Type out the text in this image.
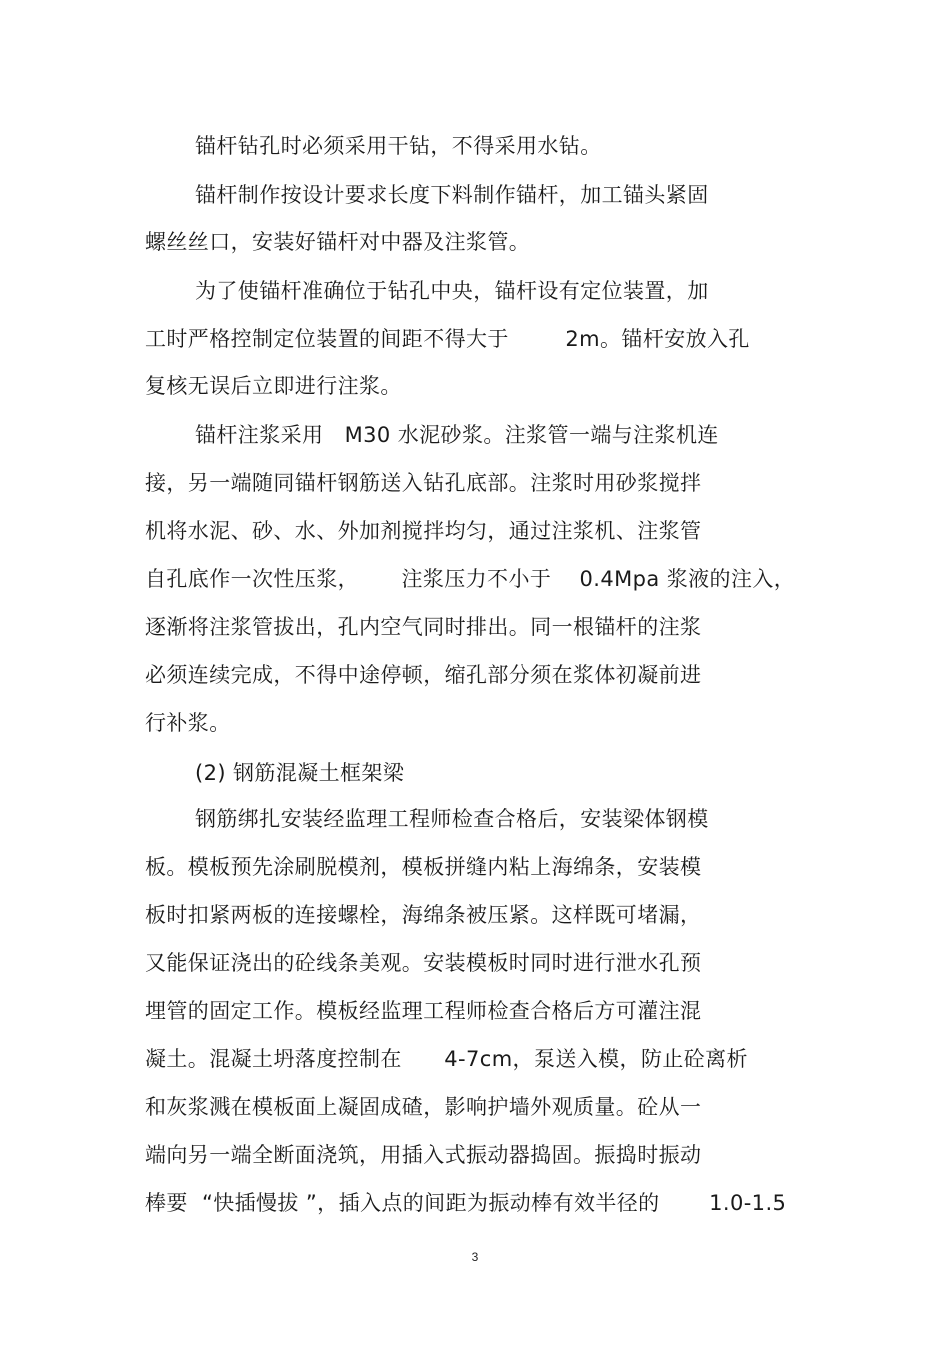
锚杆钻孔时必须采用干钻，不得采用水钻。
锚杆制作按设计要求长度下料制作锚杆，加工锚头紧固
螺丝丝口，安装好锚杆对中器及注浆管。
为了使锚杆准确位于钻孔中央，锚杆设有定位装置，加
工时严格控制定位装置的间距不得大于        2m。锚杆安放入孔
复核无误后立即进行注浆。
锚杆注浆采用   M30 水泥砂浆。注浆管一端与注浆机连
接，另一端随同锚杆钢筋送入钻孔底部。注浆时用砂浆搅拌
机将水泥、砂、水、外加剂搅拌均匀，通过注浆机、注浆管
自孔底作一次性压浆，      注浆压力不小于    0.4Mpa 浆液的注入，
逐渐将注浆管拔出，孔内空气同时排出。同一根锚杆的注浆
必须连续完成，不得中途停顿，缩孔部分须在浆体初凝前进
行补浆。
(2) 钢筋混凝土框架梁
钢筋绑扎安装经监理工程师检查合格后，安装梁体钢模
板。模板预先涂刷脱模剂，模板拼缝内粘上海绵条，安装模
板时扣紧两板的连接螺栓，海绵条被压紧。这样既可堵漏，
又能保证浇出的砼线条美观。安装模板时同时进行泄水孔预
埋管的固定工作。模板经监理工程师检查合格后方可灌注混
凝土。混凝土坍落度控制在      4-7cm，泵送入模，防止砼离析
和灰浆溅在模板面上凝固成碴，影响护墙外观质量。砼从一
端向另一端全断面浇筑，用插入式振动器捣固。振捣时振动
棒要  “快插慢拔 ”，插入点的间距为振动棒有效半径的       1.0-1.5
3
